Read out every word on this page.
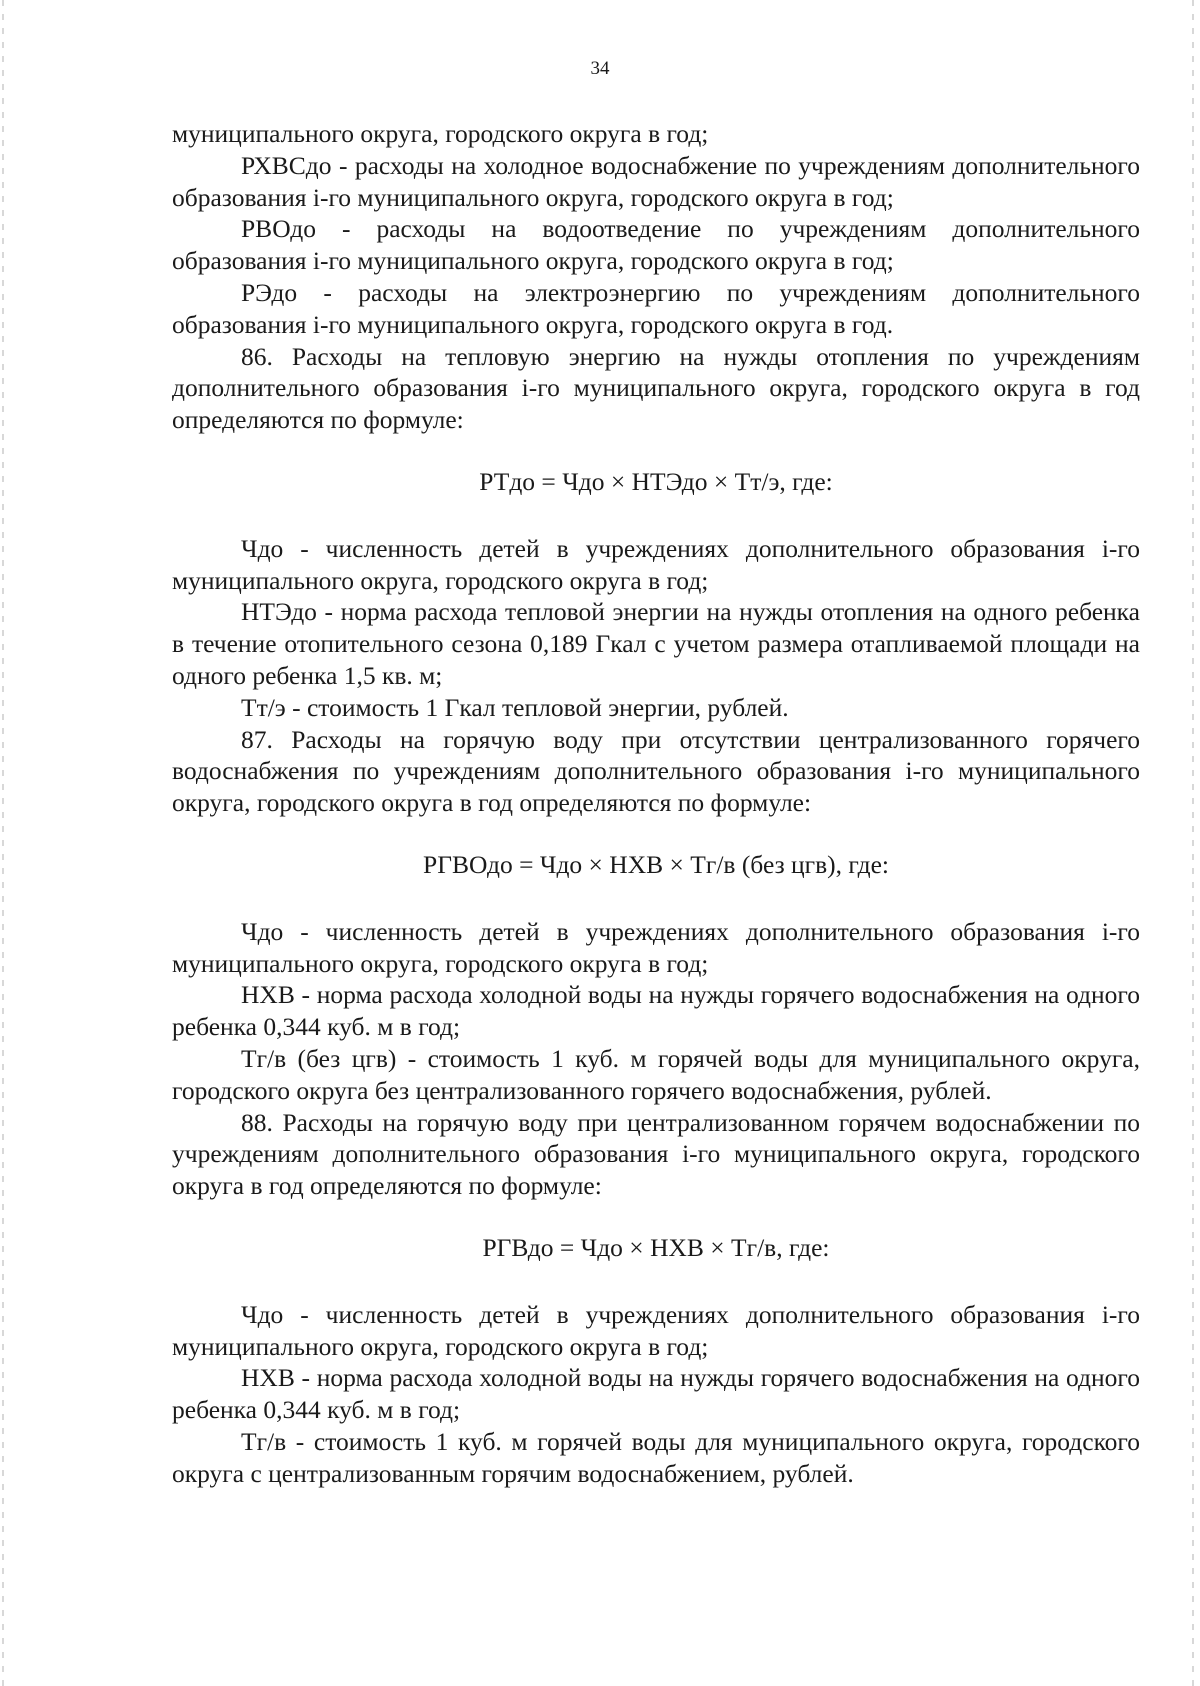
34

муниципального округа, городского округа в год;

РХВСдо - расходы на холодное водоснабжение по учреждениям дополнительного образования i-го муниципального округа, городского округа в год;

РВОдо - расходы на водоотведение по учреждениям дополнительного образования i-го муниципального округа, городского округа в год;

РЭдо - расходы на электроэнергию по учреждениям дополнительного образования i-го муниципального округа, городского округа в год.

86. Расходы на тепловую энергию на нужды отопления по учреждениям дополнительного образования i-го муниципального округа, городского округа в год определяются по формуле:

РТдо = Чдо × НТЭдо × Тт/э, где:

Чдо - численность детей в учреждениях дополнительного образования i-го муниципального округа, городского округа в год;

НТЭдо - норма расхода тепловой энергии на нужды отопления на одного ребенка в течение отопительного сезона 0,189 Гкал с учетом размера отапливаемой площади на одного ребенка 1,5 кв. м;

Тт/э - стоимость 1 Гкал тепловой энергии, рублей.

87. Расходы на горячую воду при отсутствии централизованного горячего водоснабжения по учреждениям дополнительного образования i-го муниципального округа, городского округа в год определяются по формуле:

РГВОдо = Чдо × НХВ × Тг/в (без цгв), где:

Чдо - численность детей в учреждениях дополнительного образования i-го муниципального округа, городского округа в год;

НХВ - норма расхода холодной воды на нужды горячего водоснабжения на одного ребенка 0,344 куб. м в год;

Тг/в (без цгв) - стоимость 1 куб. м горячей воды для муниципального округа, городского округа без централизованного горячего водоснабжения, рублей.

88. Расходы на горячую воду при централизованном горячем водоснабжении по учреждениям дополнительного образования i-го муниципального округа, городского округа в год определяются по формуле:

РГВдо = Чдо × НХВ × Тг/в, где:

Чдо - численность детей в учреждениях дополнительного образования i-го муниципального округа, городского округа в год;

НХВ - норма расхода холодной воды на нужды горячего водоснабжения на одного ребенка 0,344 куб. м в год;

Тг/в - стоимость 1 куб. м горячей воды для муниципального округа, городского округа с централизованным горячим водоснабжением, рублей.
